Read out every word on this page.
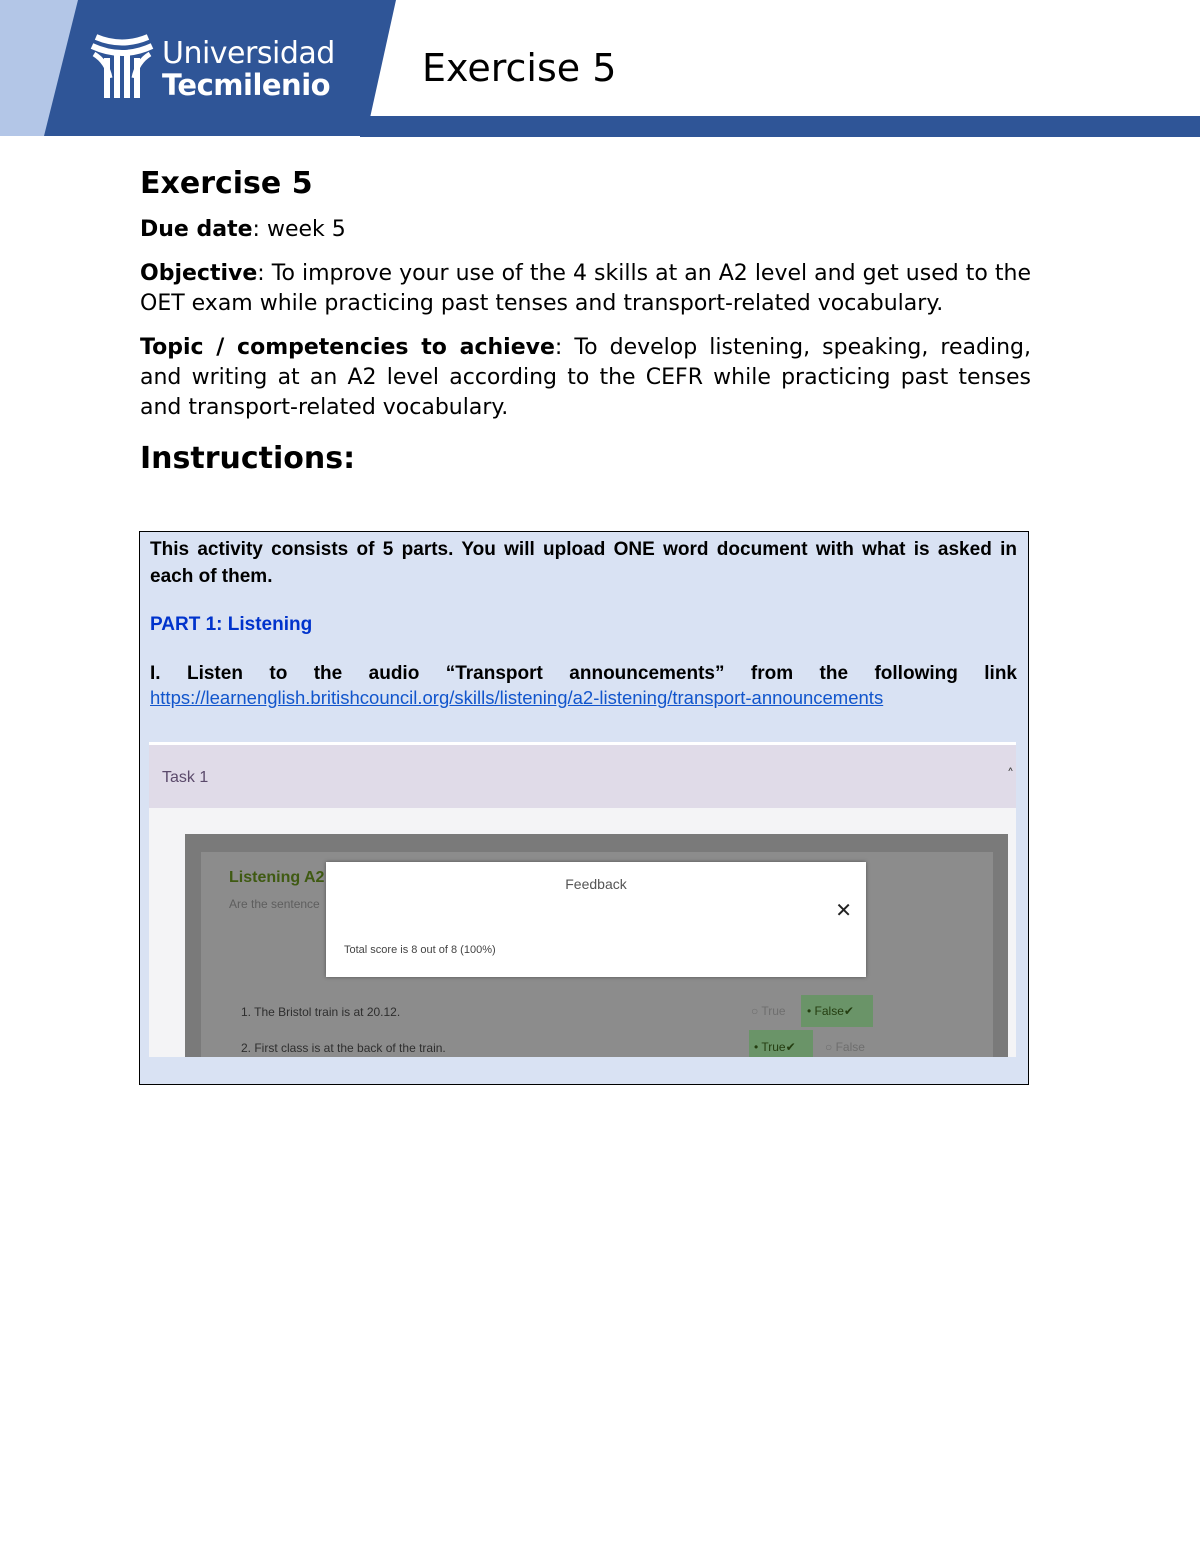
Universidad
Tecmilenio Exercise 5
Exercise 5

Due date: week 5

Objective: To improve your use of the 4 skills at an A2 level and get used to the OET exam while practicing past tenses and transport-related vocabulary.

Topic / competencies to achieve: To develop listening, speaking, reading, and writing at an A2 level according to the CEFR while practicing past tenses and transport-related vocabulary.

Instructions:

This activity consists of 5 parts. You will upload ONE word document with what is asked in each of them.

PART 1: Listening

I. Listen to the audio “Transport announcements” from the following link

https://learnenglish.britishcouncil.org/skills/listening/a2-listening/transport-announcements
Task 1	˄
Listening A2
Are the sentence
1. The Bristol train is at 20.12.	○ True • False✔
2. First class is at the back of the train.	• True✔ ○ False
Feedback
✕
Total score is 8 out of 8 (100%)
